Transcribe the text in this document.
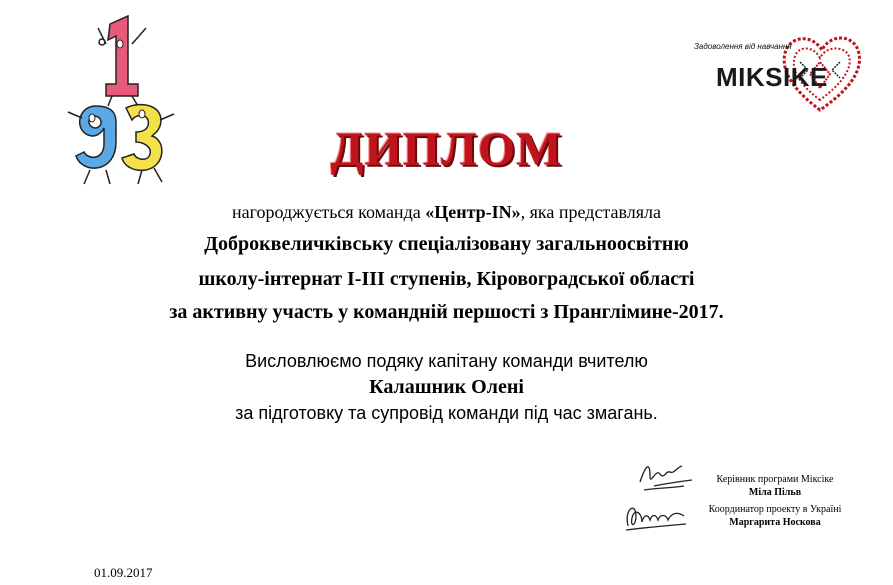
Задоволення від навчання
MIKSIKE
ДИПЛОМ
нагороджується команда «Центр-IN», яка представляла
Доброквеличківську спеціалізовану загальноосвітню
школу-інтернат І-ІІІ ступенів, Кіровоградської області
за активну участь у командній першості з Пранглімине-2017.
Висловлюємо подяку капітану команди вчителю
Калашник Олені
за підготовку та супровід команди під час змагань.
Керівник програми Міксіке
Міла Пільв
Координатор проекту в Україні
Маргарита Носкова
01.09.2017
